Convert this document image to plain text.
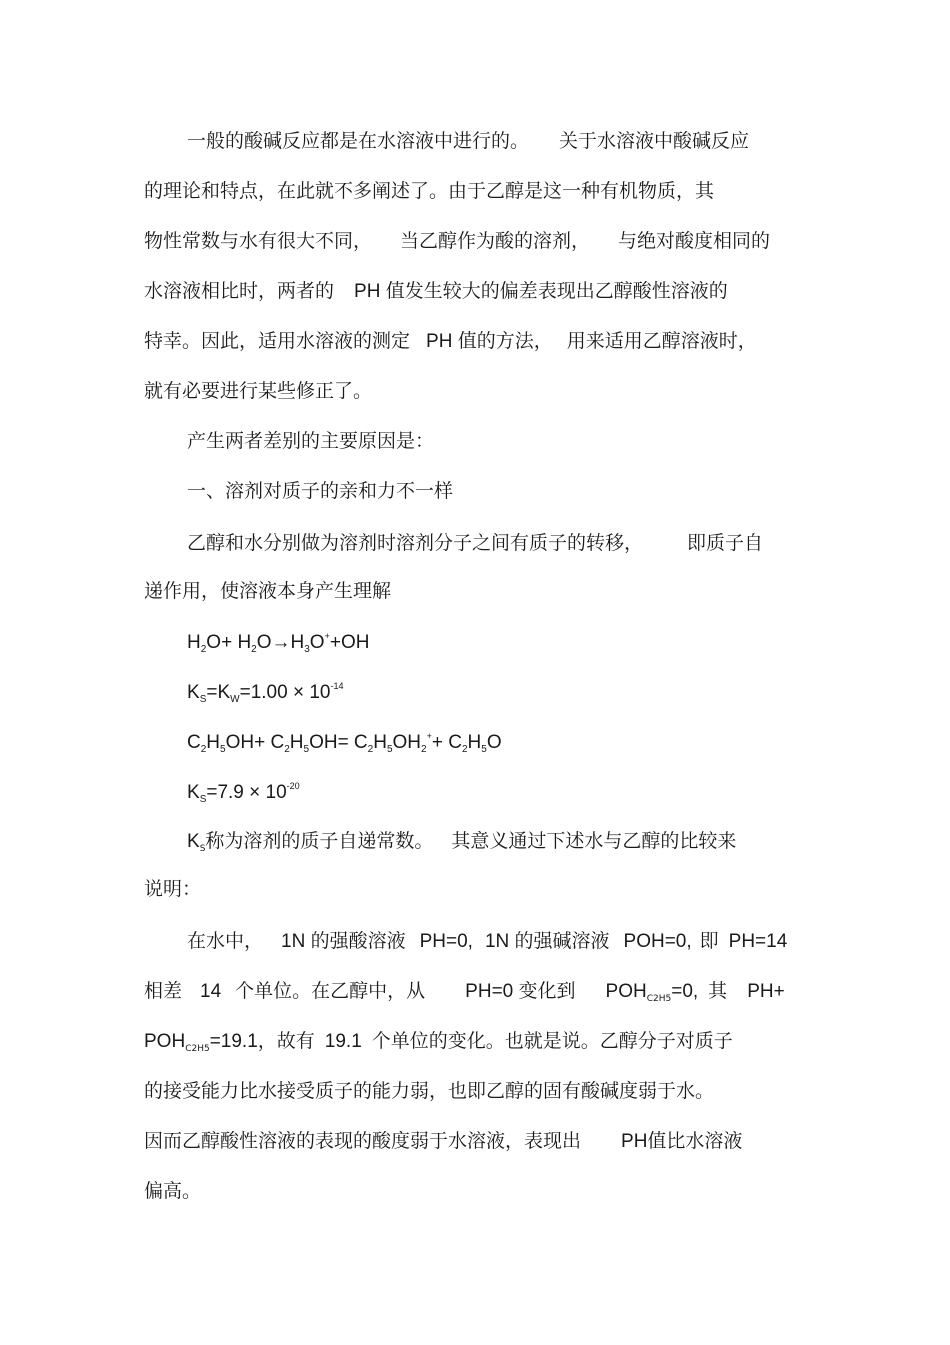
一般的酸碱反应都是在水溶液中进行的。 关于水溶液中酸碱反应
的理论和特点，在此就不多阐述了。由于乙醇是这一种有机物质，其
物性常数与水有很大不同， 当乙醇作为酸的溶剂， 与绝对酸度相同的
水溶液相比时，两者的 PH 值发生较大的偏差表现出乙醇酸性溶液的
特幸。因此，适用水溶液的测定 PH 值的方法， 用来适用乙醇溶液时，
就有必要进行某些修正了。
产生两者差别的主要原因是：
一、溶剂对质子的亲和力不一样
乙醇和水分别做为溶剂时溶剂分子之间有质子的转移， 即质子自
递作用，使溶液本身产生理解
$H_2O+ H_2O\to H_3O^++OH$
$K_S=K_W=1.00 \times 10^{-14}$
$C_2H_5OH+ C_2H_5OH= C_2H_5OH_2^++ C_2H_5O$
$K_S=7.9 \times 10^{-20}$
$K_S$称为溶剂的质子自递常数。 其意义通过下述水与乙醇的比较来
说明：
在水中， 1N 的强酸溶液 PH=0, 1N 的强碱溶液 POH=0, 即 PH=14
相差 14 个单位。在乙醇中，从 PH=0 变化到 $POH_{C2H5}=0$, 其 PH+
$POH_{C2H5}=19.1$，故有 19.1 个单位的变化。也就是说。乙醇分子对质子
的接受能力比水接受质子的能力弱，也即乙醇的固有酸碱度弱于水。
因而乙醇酸性溶液的表现的酸度弱于水溶液，表现出 PH值比水溶液
偏高。
